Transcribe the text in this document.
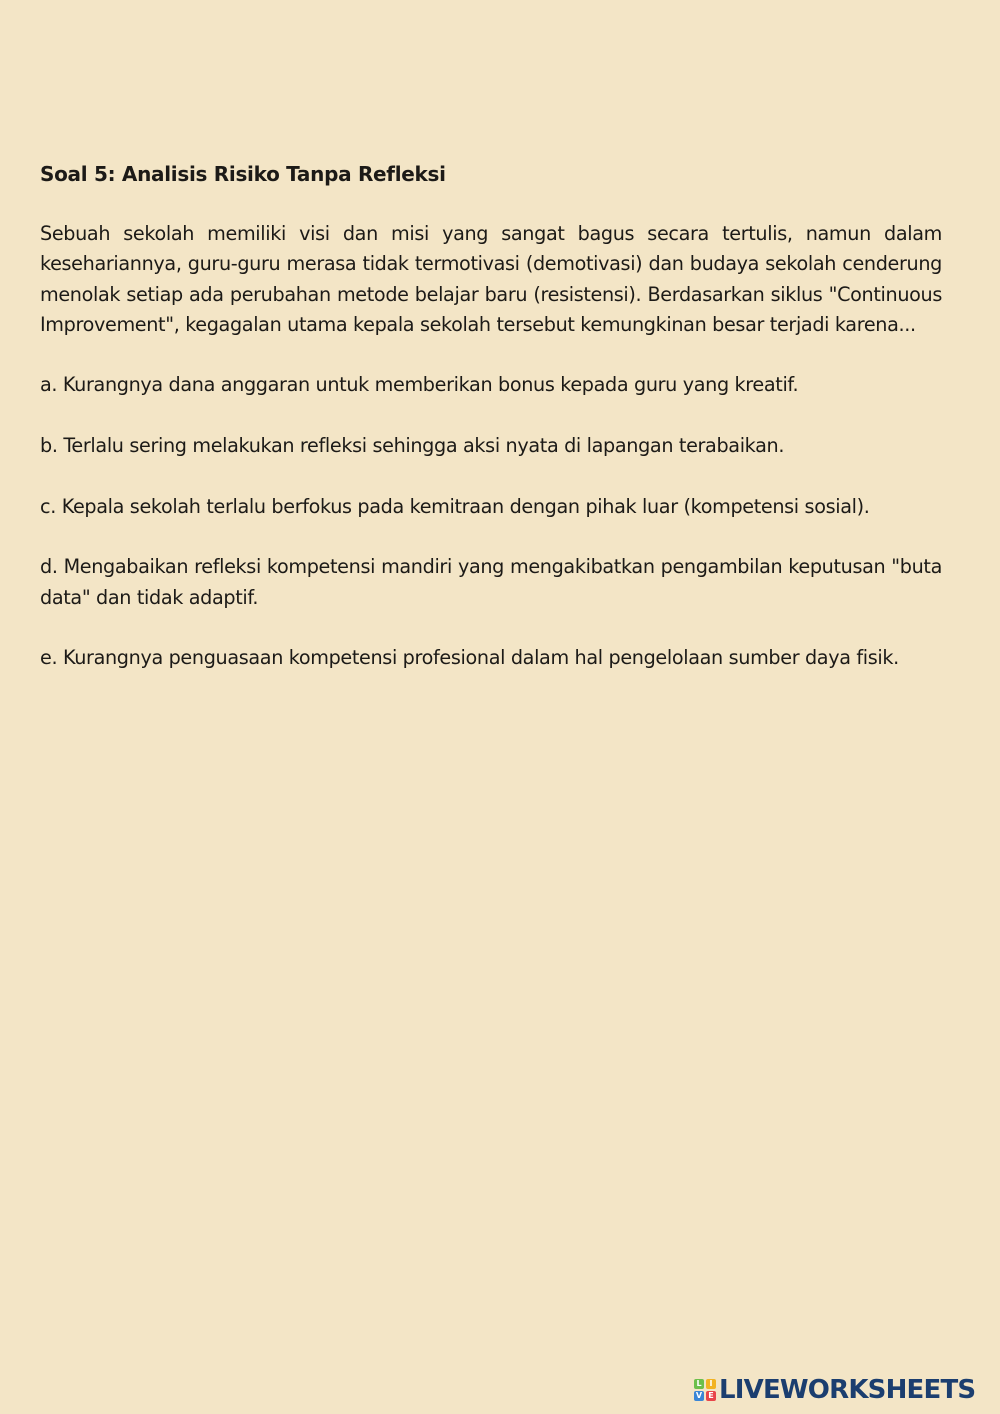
Soal 5: Analisis Risiko Tanpa Refleksi

Sebuah sekolah memiliki visi dan misi yang sangat bagus secara tertulis, namun dalam kesehariannya, guru-guru merasa tidak termotivasi (demotivasi) dan budaya sekolah cenderung menolak setiap ada perubahan metode belajar baru (resistensi). Berdasarkan siklus "Continuous Improvement", kegagalan utama kepala sekolah tersebut kemungkinan besar terjadi karena...

a. Kurangnya dana anggaran untuk memberikan bonus kepada guru yang kreatif.

b. Terlalu sering melakukan refleksi sehingga aksi nyata di lapangan terabaikan.

c. Kepala sekolah terlalu berfokus pada kemitraan dengan pihak luar (kompetensi sosial).

d. Mengabaikan refleksi kompetensi mandiri yang mengakibatkan pengambilan keputusan "buta data" dan tidak adaptif.

e. Kurangnya penguasaan kompetensi profesional dalam hal pengelolaan sumber daya fisik.

L I
V E LIVEWORKSHEETS
